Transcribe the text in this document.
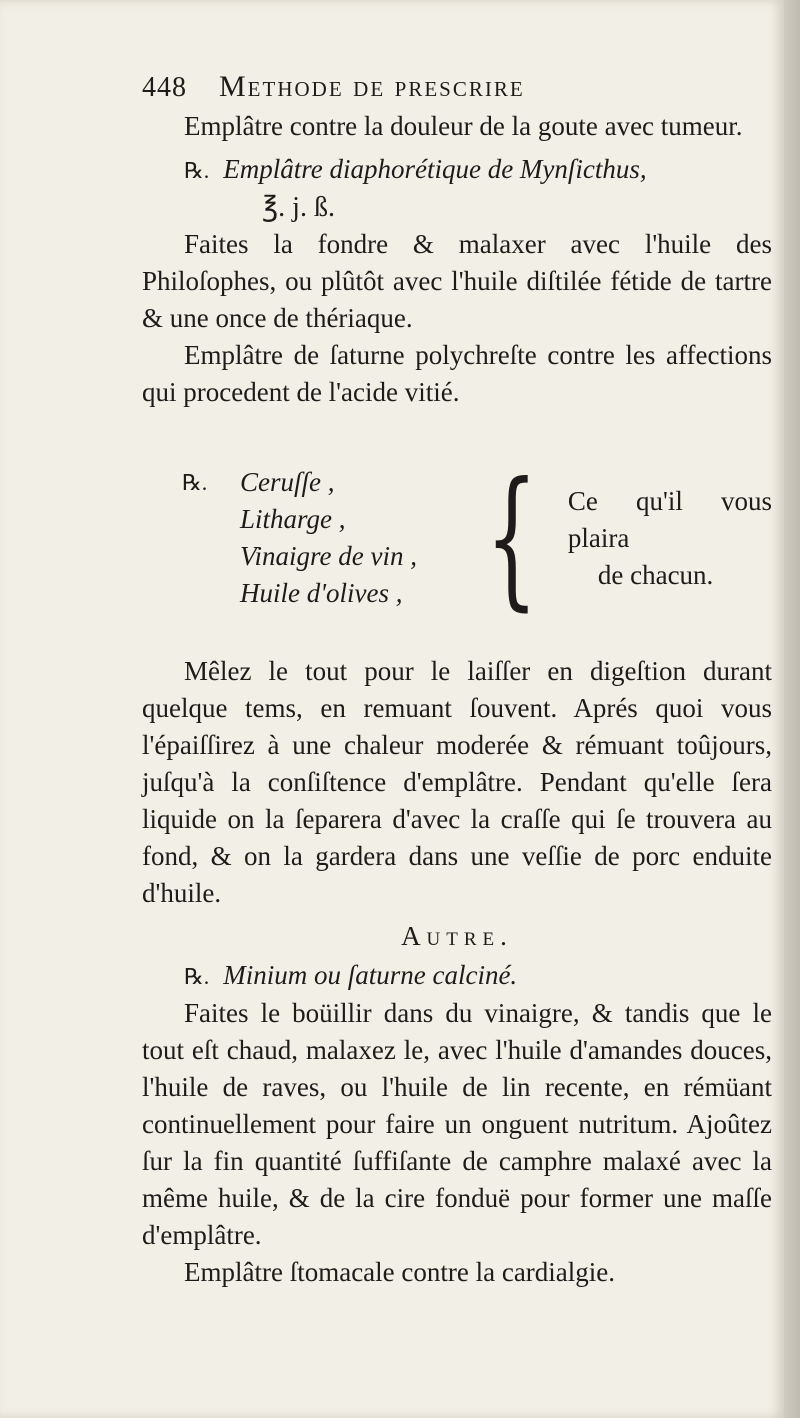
448 Methode de prescrire

Emplâtre contre la douleur de la goute avec tumeur.

℞. Emplâtre diaphorétique de Mynſicthus,

℥. j. ß.

Faites la fondre & malaxer avec l'huile des Philoſophes, ou plûtôt avec l'huile diſtilée fétide de tartre & une once de thériaque.

Emplâtre de ſaturne polychreſte contre les affections qui procedent de l'acide vitié.

℞.	Ceruſſe ,
Litharge ,
Vinaigre de vin ,
Huile d'olives , { Ce qu'il vous plaira
de chacun.

Mêlez le tout pour le laiſſer en digeſtion durant quelque tems, en remuant ſouvent. Aprés quoi vous l'épaiſſirez à une chaleur moderée & rémuant toûjours, juſqu'à la conſiſtence d'emplâtre. Pendant qu'elle ſera liquide on la ſeparera d'avec la craſſe qui ſe trouvera au fond, & on la gardera dans une veſſie de porc enduite d'huile.

Autre.

℞. Minium ou ſaturne calciné.

Faites le boüillir dans du vinaigre, & tandis que le tout eſt chaud, malaxez le, avec l'huile d'amandes douces, l'huile de raves, ou l'huile de lin recente, en rémüant continuellement pour faire un onguent nutritum. Ajoûtez ſur la fin quantité ſuffiſante de camphre malaxé avec la même huile, & de la cire fonduë pour former une maſſe d'emplâtre.

Emplâtre ſtomacale contre la cardialgie.
